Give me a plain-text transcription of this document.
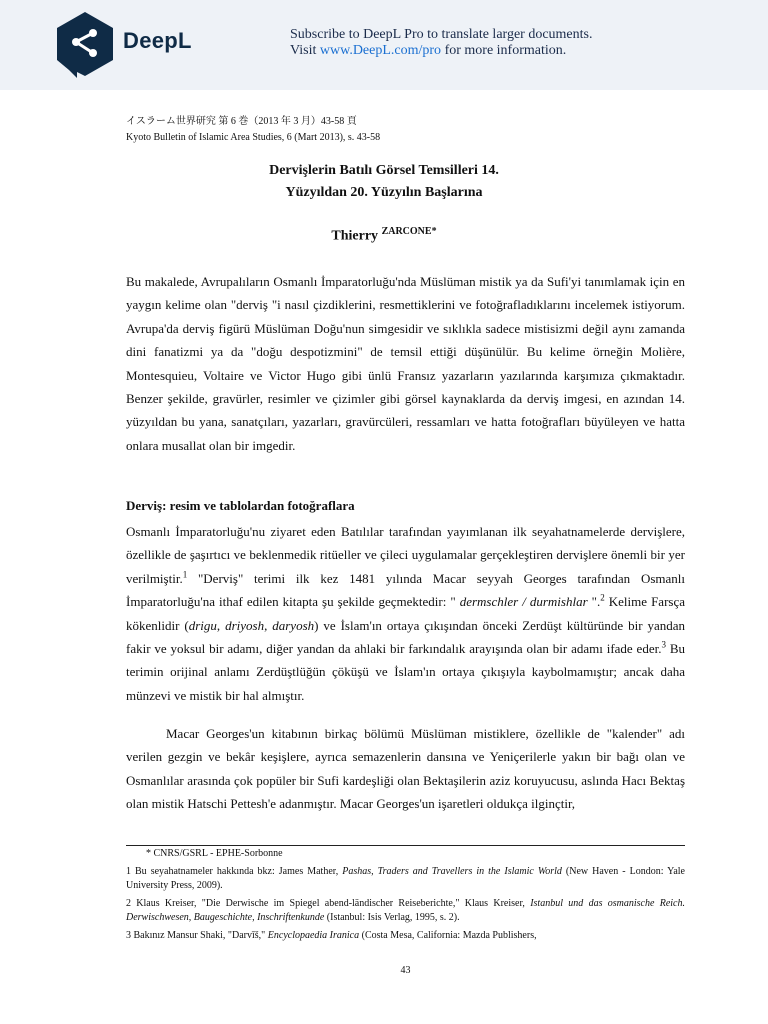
DeepL	Subscribe to DeepL Pro to translate larger documents.
Visit www.DeepL.com/pro for more information.
イスラーム世界研究 第 6 巻（2013 年 3 月）43-58 頁
Kyoto Bulletin of Islamic Area Studies, 6 (Mart 2013), s. 43-58
Dervişlerin Batılı Görsel Temsilleri 14.
Yüzyıldan 20. Yüzyılın Başlarına
Thierry $^{ZARCONE*}$
Bu makalede, Avrupalıların Osmanlı İmparatorluğu'nda Müslüman mistik ya da Sufi'yi tanımlamak için en yaygın kelime olan "derviş "i nasıl çizdiklerini, resmettiklerini ve fotoğrafladıklarını incelemek istiyorum. Avrupa'da derviş figürü Müslüman Doğu'nun simgesidir ve sıklıkla sadece mistisizmi değil aynı zamanda dini fanatizmi ya da "doğu despotizmini" de temsil ettiği düşünülür. Bu kelime örneğin Molière, Montesquieu, Voltaire ve Victor Hugo gibi ünlü Fransız yazarların yazılarında karşımıza çıkmaktadır. Benzer şekilde, gravürler, resimler ve çizimler gibi görsel kaynaklarda da derviş imgesi, en azından 14. yüzyıldan bu yana, sanatçıları, yazarları, gravürcüleri, ressamları ve hatta fotoğrafları büyüleyen ve hatta onlara musallat olan bir imgedir.
Derviş: resim ve tablolardan fotoğraflara
Osmanlı İmparatorluğu'nu ziyaret eden Batılılar tarafından yayımlanan ilk seyahatnamelerde dervişlere, özellikle de şaşırtıcı ve beklenmedik ritüeller ve çileci uygulamalar gerçekleştiren dervişlere önemli bir yer verilmiştir.$^1$ "Derviş" terimi ilk kez 1481 yılında Macar seyyah Georges tarafından Osmanlı İmparatorluğu'na ithaf edilen kitapta şu şekilde geçmektedir: " dermschler / durmishlar ".$^2$ Kelime Farsça kökenlidir (drigu, driyosh, daryosh) ve İslam'ın ortaya çıkışından önceki Zerdüşt kültüründe bir yandan fakir ve yoksul bir adamı, diğer yandan da ahlaki bir farkındalık arayışında olan bir adamı ifade eder.$^3$ Bu terimin orijinal anlamı Zerdüştlüğün çöküşü ve İslam'ın ortaya çıkışıyla kaybolmamıştır; ancak daha münzevi ve mistik bir hal almıştır.
Macar Georges'un kitabının birkaç bölümü Müslüman mistiklere, özellikle de "kalender" adı verilen gezgin ve bekâr keşişlere, ayrıca semazenlerin dansına ve Yeniçerilerle yakın bir bağı olan ve Osmanlılar arasında çok popüler bir Sufi kardeşliği olan Bektaşilerin aziz koruyucusu, aslında Hacı Bektaş olan mistik Hatschi Pettesh'e adanmıştır. Macar Georges'un işaretleri oldukça ilginçtir,

* CNRS/GSRL - EPHE-Sorbonne

1 Bu seyahatnameler hakkında bkz: James Mather, Pashas, Traders and Travellers in the Islamic World (New Haven - London: Yale University Press, 2009).

2 Klaus Kreiser, "Die Derwische im Spiegel abend-ländischer Reiseberichte," Klaus Kreiser, Istanbul und das osmanische Reich. Derwischwesen, Baugeschichte, Inschriftenkunde (Istanbul: Isis Verlag, 1995, s. 2).

3 Bakınız Mansur Shaki, "Darvīš," Encyclopaedia Iranica (Costa Mesa, California: Mazda Publishers,

43
